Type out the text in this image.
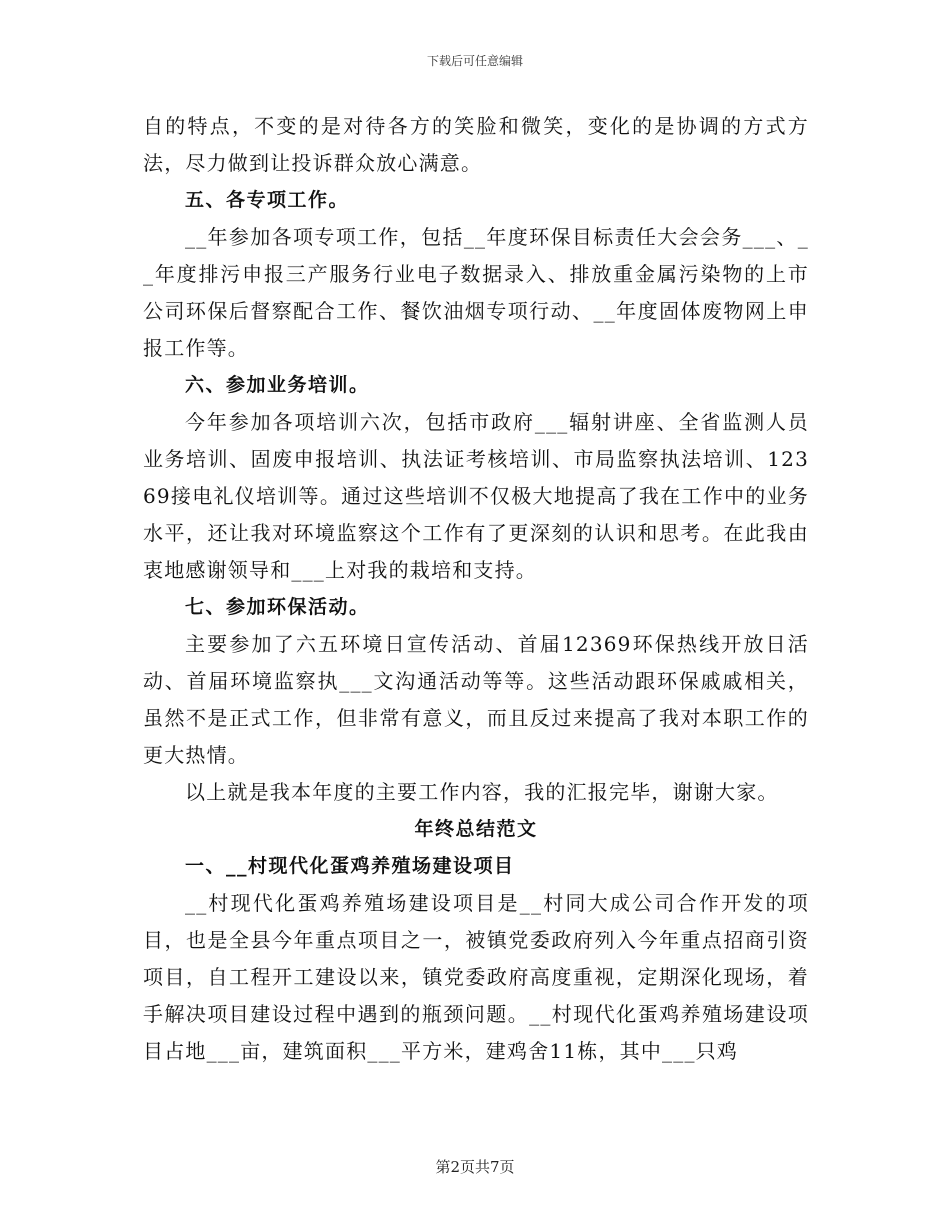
下载后可任意编辑

自的特点，不变的是对待各方的笑脸和微笑，变化的是协调的方式方法，尽力做到让投诉群众放心满意。

五、各专项工作。

__年参加各项专项工作，包括__年度环保目标责任大会会务___、__年度排污申报三产服务行业电子数据录入、排放重金属污染物的上市公司环保后督察配合工作、餐饮油烟专项行动、__年度固体废物网上申报工作等。

六、参加业务培训。

今年参加各项培训六次，包括市政府___辐射讲座、全省监测人员业务培训、固废申报培训、执法证考核培训、市局监察执法培训、12369接电礼仪培训等。通过这些培训不仅极大地提高了我在工作中的业务水平，还让我对环境监察这个工作有了更深刻的认识和思考。在此我由衷地感谢领导和___上对我的栽培和支持。

七、参加环保活动。

主要参加了六五环境日宣传活动、首届12369环保热线开放日活动、首届环境监察执___文沟通活动等等。这些活动跟环保戚戚相关，虽然不是正式工作，但非常有意义，而且反过来提高了我对本职工作的更大热情。

以上就是我本年度的主要工作内容，我的汇报完毕，谢谢大家。

年终总结范文

一、__村现代化蛋鸡养殖场建设项目

__村现代化蛋鸡养殖场建设项目是__村同大成公司合作开发的项目，也是全县今年重点项目之一，被镇党委政府列入今年重点招商引资项目，自工程开工建设以来，镇党委政府高度重视，定期深化现场，着手解决项目建设过程中遇到的瓶颈问题。__村现代化蛋鸡养殖场建设项目占地___亩，建筑面积___平方米，建鸡舍11栋，其中___只鸡

第2页共7页
